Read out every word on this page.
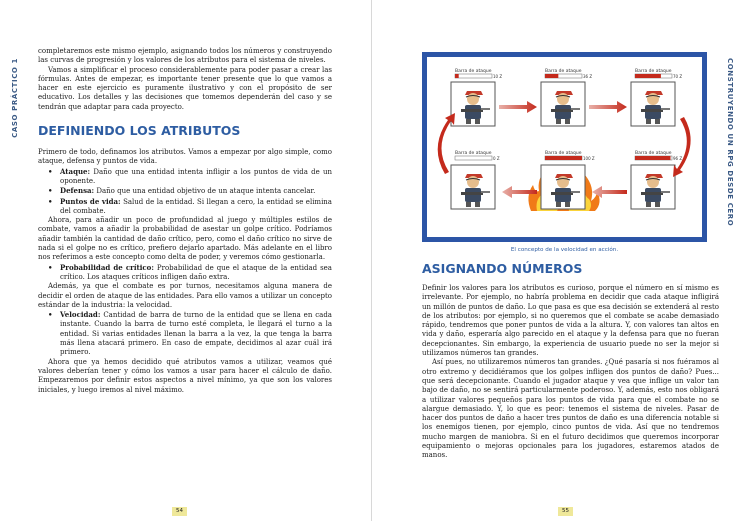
CASO PRÁCTICO 1	CONSTRUYENDO UN RPG DESDE CERO

completaremos este mismo ejemplo, asignando todos los números y construyendo las curvas de progresión y los valores de los atributos para el sistema de niveles.

Vamos a simplificar el proceso considerablemente para poder pasar a crear las fórmulas. Antes de empezar, es importante tener presente que lo que vamos a hacer en este ejercicio es puramente ilustrativo y con el propósito de ser educativo. Los detalles y las decisiones que tomemos dependerán del caso y se tendrán que adaptar para cada proyecto.

DEFINIENDO LOS ATRIBUTOS

Primero de todo, definamos los atributos. Vamos a empezar por algo simple, como ataque, defensa y puntos de vida.

• Ataque: Daño que una entidad intenta infligir a los puntos de vida de un oponente.
• Defensa: Daño que una entidad objetivo de un ataque intenta cancelar.
• Puntos de vida: Salud de la entidad. Si llegan a cero, la entidad se elimina del combate.

Ahora, para añadir un poco de profundidad al juego y múltiples estilos de combate, vamos a añadir la probabilidad de asestar un golpe crítico. Podríamos añadir también la cantidad de daño crítico, pero, como el daño crítico no sirve de nada si el golpe no es crítico, prefiero dejarlo apartado. Más adelante en el libro nos referimos a este concepto como delta de poder, y veremos cómo gestionarla.

• Probabilidad de crítico: Probabilidad de que el ataque de la entidad sea crítico. Los ataques críticos infligen daño extra.

Además, ya que el combate es por turnos, necesitamos alguna manera de decidir el orden de ataque de las entidades. Para ello vamos a utilizar un concepto estándar de la industria: la velocidad.

• Velocidad: Cantidad de barra de turno de la entidad que se llena en cada instante. Cuando la barra de turno esté completa, le llegará el turno a la entidad. Si varias entidades llenan la barra a la vez, la que tenga la barra más llena atacará primero. En caso de empate, decidimos al azar cuál irá primero.

Ahora que ya hemos decidido qué atributos vamos a utilizar, veamos qué valores deberían tener y cómo los vamos a usar para hacer el cálculo de daño. Empezaremos por definir estos aspectos a nivel mínimo, ya que son los valores iniciales, y luego iremos al nivel máximo.

Barra de ataque
10 Z
Barra de ataque
36 Z
Barra de ataque
70 Z
Barra de ataque
0 Z
Barra de ataque
100 Z
Barra de ataque
96 Z
El concepto de la velocidad en acción.
ASIGNANDO NÚMEROS

Definir los valores para los atributos es curioso, porque el número en sí mismo es irrelevante. Por ejemplo, no habría problema en decidir que cada ataque infligirá un millón de puntos de daño. Lo que pasa es que esa decisión se extenderá al resto de los atributos: por ejemplo, si no queremos que el combate se acabe demasiado rápido, tendremos que poner puntos de vida a la altura. Y, con valores tan altos en vida y daño, esperaría algo parecido en el ataque y la defensa para que no fueran decepcionantes. Sin embargo, la experiencia de usuario puede no ser la mejor si utilizamos números tan grandes.

Así pues, no utilizaremos números tan grandes. ¿Qué pasaría si nos fuéramos al otro extremo y decidiéramos que los golpes infligen dos puntos de daño? Pues... que será decepcionante. Cuando el jugador ataque y vea que inflige un valor tan bajo de daño, no se sentirá particularmente poderoso. Y, además, esto nos obligará a utilizar valores pequeños para los puntos de vida para que el combate no se alargue demasiado. Y, lo que es peor: tenemos el sistema de niveles. Pasar de hacer dos puntos de daño a hacer tres puntos de daño es una diferencia notable si los enemigos tienen, por ejemplo, cinco puntos de vida. Así que no tendremos mucho margen de maniobra. Si en el futuro decidimos que queremos incorporar equipamiento o mejoras opcionales para los jugadores, estaremos atados de manos.

54	55
